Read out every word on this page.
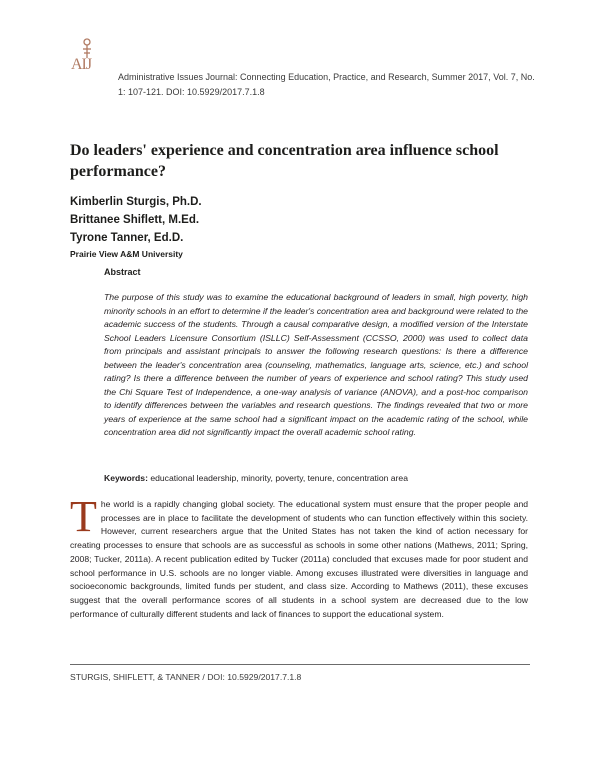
AIJ
Administrative Issues Journal: Connecting Education, Practice, and Research, Summer 2017, Vol. 7, No. 1: 107-121. DOI: 10.5929/2017.7.1.8
Do leaders' experience and concentration area influence school performance?
Kimberlin Sturgis, Ph.D.
Brittanee Shiflett, M.Ed.
Tyrone Tanner, Ed.D.
Prairie View A&M University
Abstract

The purpose of this study was to examine the educational background of leaders in small, high poverty, high minority schools in an effort to determine if the leader's concentration area and background were related to the academic success of the students. Through a causal comparative design, a modified version of the Interstate School Leaders Licensure Consortium (ISLLC) Self-Assessment (CCSSO, 2000) was used to collect data from principals and assistant principals to answer the following research questions: Is there a difference between the leader's concentration area (counseling, mathematics, language arts, science, etc.) and school rating? Is there a difference between the number of years of experience and school rating? This study used the Chi Square Test of Independence, a one-way analysis of variance (ANOVA), and a post-hoc comparison to identify differences between the variables and research questions. The findings revealed that two or more years of experience at the same school had a significant impact on the academic rating of the school, while concentration area did not significantly impact the overall academic school rating.

Keywords: educational leadership, minority, poverty, tenure, concentration area

T he world is a rapidly changing global society. The educational system must ensure that the proper people and processes are in place to facilitate the development of students who can function effectively within this society. However, current researchers argue that the United States has not taken the kind of action necessary for creating processes to ensure that schools are as successful as schools in some other nations (Mathews, 2011; Spring, 2008; Tucker, 2011a). A recent publication edited by Tucker (2011a) concluded that excuses made for poor student and school performance in U.S. schools are no longer viable. Among excuses illustrated were diversities in language and socioeconomic backgrounds, limited funds per student, and class size. According to Mathews (2011), these excuses suggest that the overall performance scores of all students in a school system are decreased due to the low performance of culturally different students and lack of finances to support the educational system.

STURGIS, SHIFLETT, & TANNER / DOI: 10.5929/2017.7.1.8
